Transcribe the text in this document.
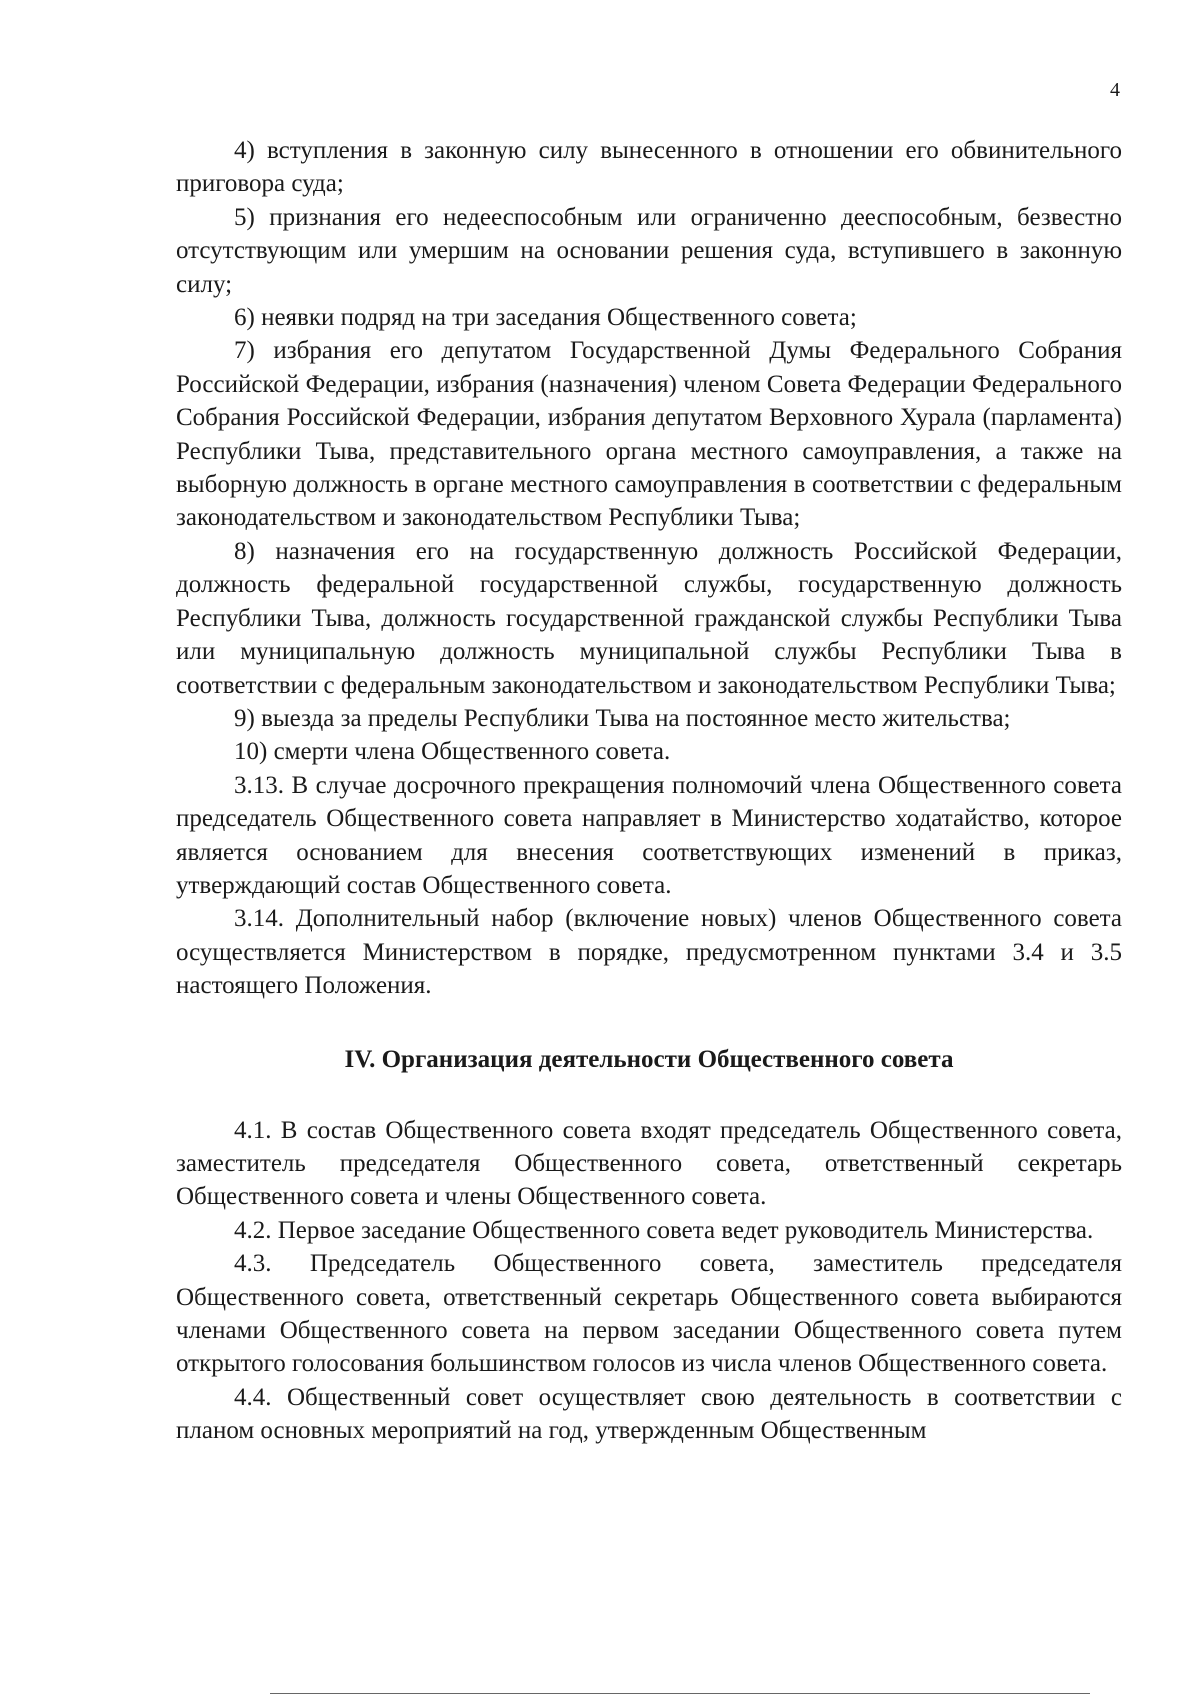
4

4) вступления в законную силу вынесенного в отношении его обвинительного приговора суда;

5) признания его недееспособным или ограниченно дееспособным, безвестно отсутствующим или умершим на основании решения суда, вступившего в законную силу;

6) неявки подряд на три заседания Общественного совета;

7) избрания его депутатом Государственной Думы Федерального Собрания Российской Федерации, избрания (назначения) членом Совета Федерации Федерального Собрания Российской Федерации, избрания депутатом Верховного Хурала (парламента) Республики Тыва, представительного органа местного самоуправления, а также на выборную должность в органе местного самоуправления в соответствии с федеральным законодательством и законодательством Республики Тыва;

8) назначения его на государственную должность Российской Федерации, должность федеральной государственной службы, государственную должность Республики Тыва, должность государственной гражданской службы Республики Тыва или муниципальную должность муниципальной службы Республики Тыва в соответствии с федеральным законодательством и законодательством Республики Тыва;

9) выезда за пределы Республики Тыва на постоянное место жительства;

10) смерти члена Общественного совета.

3.13. В случае досрочного прекращения полномочий члена Общественного совета председатель Общественного совета направляет в Министерство ходатайство, которое является основанием для внесения соответствующих изменений в приказ, утверждающий состав Общественного совета.

3.14. Дополнительный набор (включение новых) членов Общественного совета осуществляется Министерством в порядке, предусмотренном пунктами 3.4 и 3.5 настоящего Положения.

IV. Организация деятельности Общественного совета

4.1. В состав Общественного совета входят председатель Общественного совета, заместитель председателя Общественного совета, ответственный секретарь Общественного совета и члены Общественного совета.

4.2. Первое заседание Общественного совета ведет руководитель Министерства.

4.3. Председатель Общественного совета, заместитель председателя Общественного совета, ответственный секретарь Общественного совета выбираются членами Общественного совета на первом заседании Общественного совета путем открытого голосования большинством голосов из числа членов Общественного совета.

4.4. Общественный совет осуществляет свою деятельность в соответствии с планом основных мероприятий на год, утвержденным Общественным
